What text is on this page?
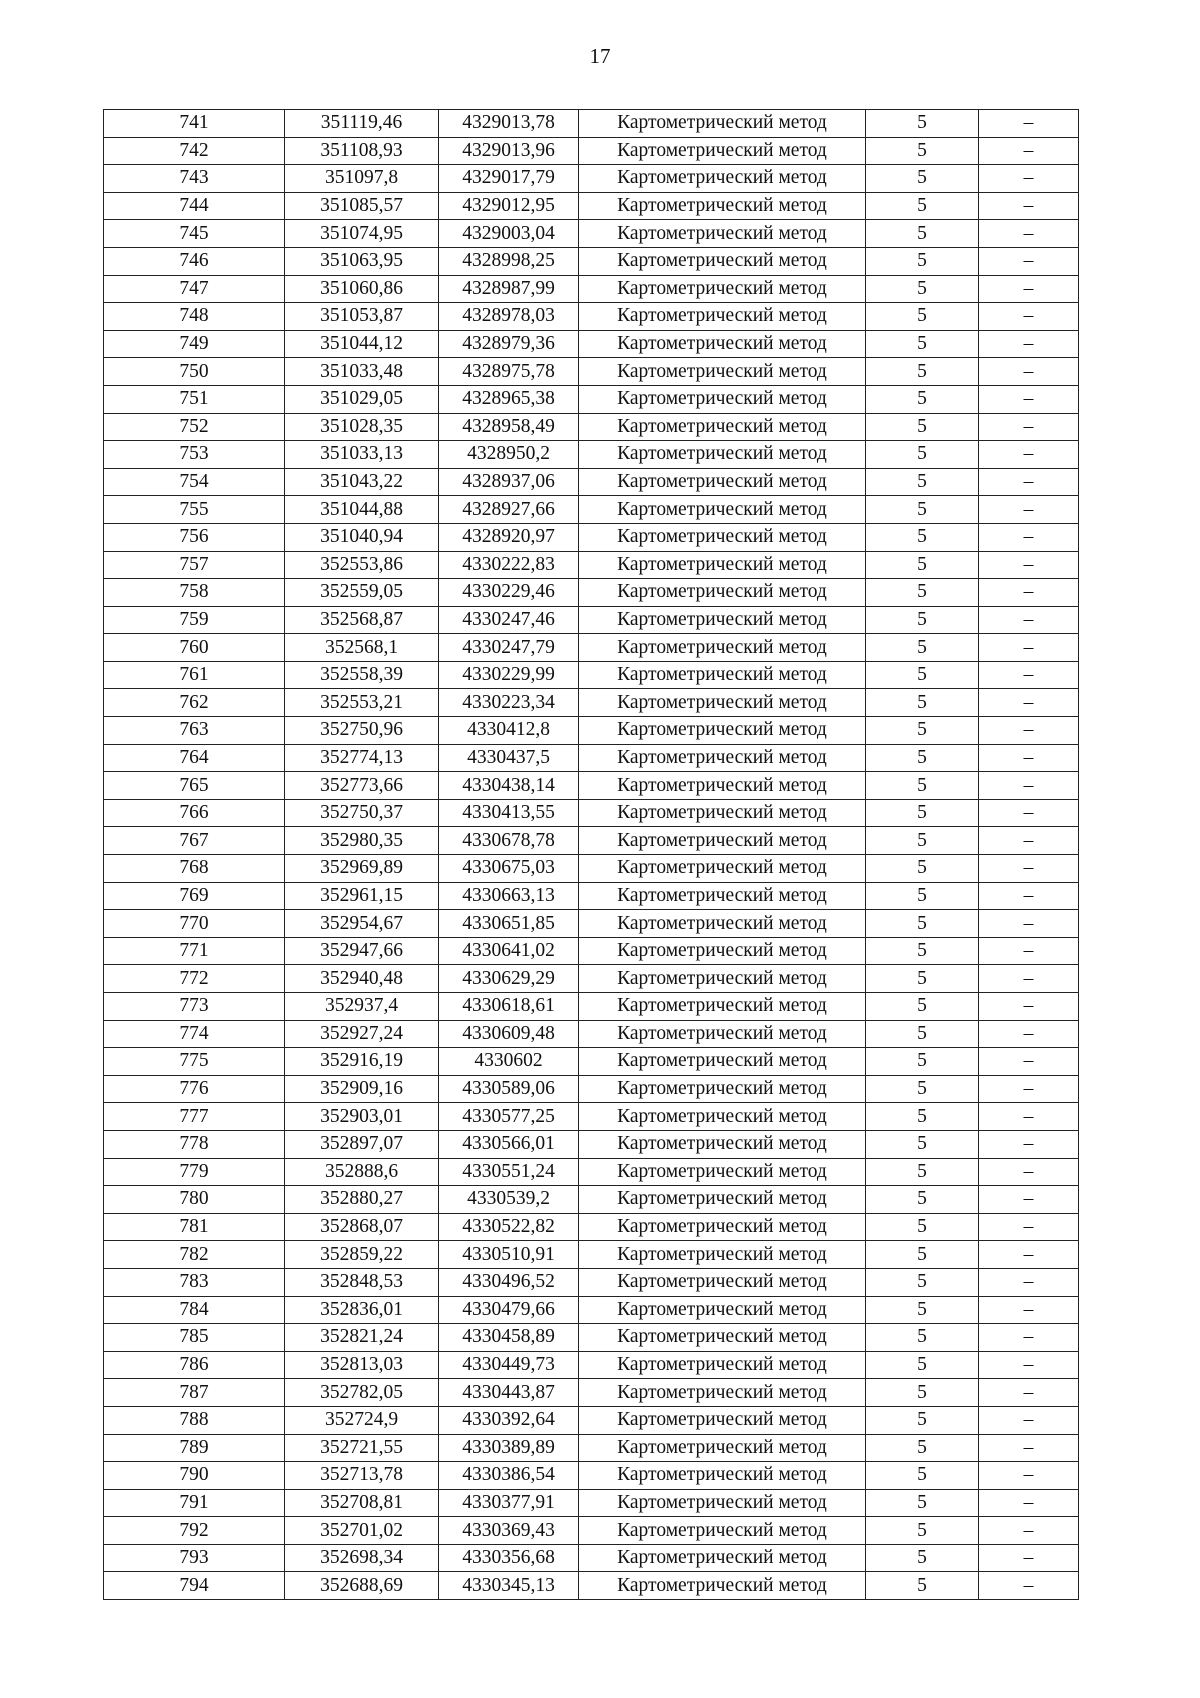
17
741	351119,46	4329013,78	Картометрический метод	5	–
742	351108,93	4329013,96	Картометрический метод	5	–
743	351097,8	4329017,79	Картометрический метод	5	–
744	351085,57	4329012,95	Картометрический метод	5	–
745	351074,95	4329003,04	Картометрический метод	5	–
746	351063,95	4328998,25	Картометрический метод	5	–
747	351060,86	4328987,99	Картометрический метод	5	–
748	351053,87	4328978,03	Картометрический метод	5	–
749	351044,12	4328979,36	Картометрический метод	5	–
750	351033,48	4328975,78	Картометрический метод	5	–
751	351029,05	4328965,38	Картометрический метод	5	–
752	351028,35	4328958,49	Картометрический метод	5	–
753	351033,13	4328950,2	Картометрический метод	5	–
754	351043,22	4328937,06	Картометрический метод	5	–
755	351044,88	4328927,66	Картометрический метод	5	–
756	351040,94	4328920,97	Картометрический метод	5	–
757	352553,86	4330222,83	Картометрический метод	5	–
758	352559,05	4330229,46	Картометрический метод	5	–
759	352568,87	4330247,46	Картометрический метод	5	–
760	352568,1	4330247,79	Картометрический метод	5	–
761	352558,39	4330229,99	Картометрический метод	5	–
762	352553,21	4330223,34	Картометрический метод	5	–
763	352750,96	4330412,8	Картометрический метод	5	–
764	352774,13	4330437,5	Картометрический метод	5	–
765	352773,66	4330438,14	Картометрический метод	5	–
766	352750,37	4330413,55	Картометрический метод	5	–
767	352980,35	4330678,78	Картометрический метод	5	–
768	352969,89	4330675,03	Картометрический метод	5	–
769	352961,15	4330663,13	Картометрический метод	5	–
770	352954,67	4330651,85	Картометрический метод	5	–
771	352947,66	4330641,02	Картометрический метод	5	–
772	352940,48	4330629,29	Картометрический метод	5	–
773	352937,4	4330618,61	Картометрический метод	5	–
774	352927,24	4330609,48	Картометрический метод	5	–
775	352916,19	4330602	Картометрический метод	5	–
776	352909,16	4330589,06	Картометрический метод	5	–
777	352903,01	4330577,25	Картометрический метод	5	–
778	352897,07	4330566,01	Картометрический метод	5	–
779	352888,6	4330551,24	Картометрический метод	5	–
780	352880,27	4330539,2	Картометрический метод	5	–
781	352868,07	4330522,82	Картометрический метод	5	–
782	352859,22	4330510,91	Картометрический метод	5	–
783	352848,53	4330496,52	Картометрический метод	5	–
784	352836,01	4330479,66	Картометрический метод	5	–
785	352821,24	4330458,89	Картометрический метод	5	–
786	352813,03	4330449,73	Картометрический метод	5	–
787	352782,05	4330443,87	Картометрический метод	5	–
788	352724,9	4330392,64	Картометрический метод	5	–
789	352721,55	4330389,89	Картометрический метод	5	–
790	352713,78	4330386,54	Картометрический метод	5	–
791	352708,81	4330377,91	Картометрический метод	5	–
792	352701,02	4330369,43	Картометрический метод	5	–
793	352698,34	4330356,68	Картометрический метод	5	–
794	352688,69	4330345,13	Картометрический метод	5	–
